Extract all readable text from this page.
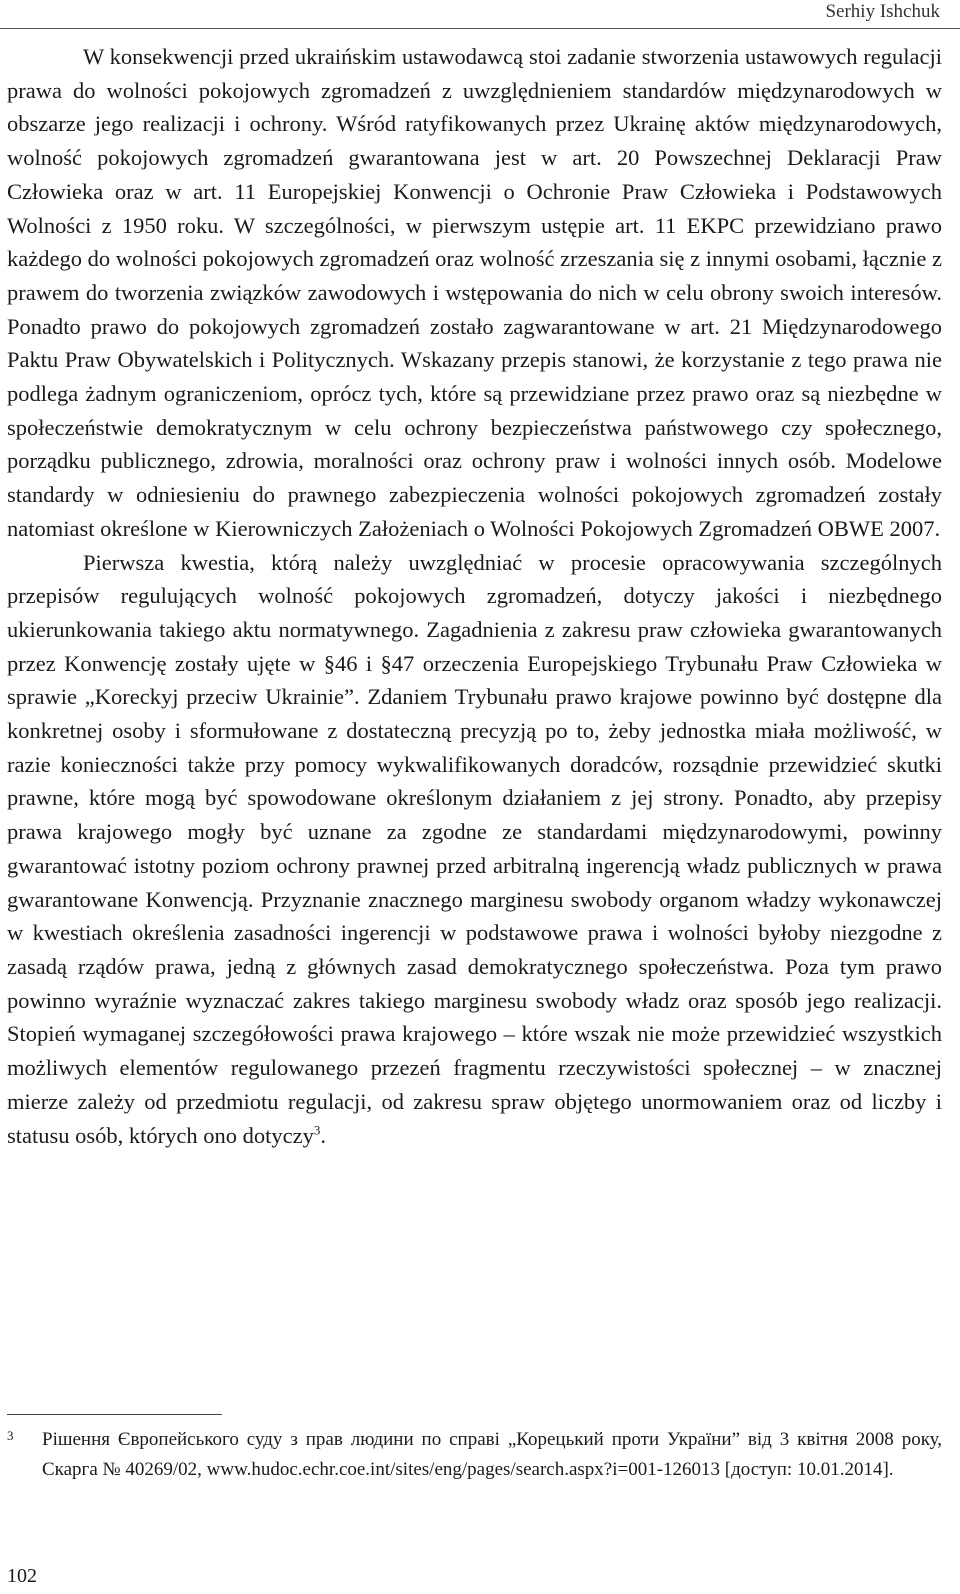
Serhiy Ishchuk

W konsekwencji przed ukraińskim ustawodawcą stoi zadanie stworzenia ustawowych regulacji prawa do wolności pokojowych zgromadzeń z uwzględnieniem standardów międzynarodowych w obszarze jego realizacji i ochrony. Wśród ratyfikowanych przez Ukrainę aktów międzynarodowych, wolność pokojowych zgromadzeń gwarantowana jest w art. 20 Powszechnej Deklaracji Praw Człowieka oraz w art. 11 Europejskiej Konwencji o Ochronie Praw Człowieka i Podstawowych Wolności z 1950 roku. W szczególności, w pierwszym ustępie art. 11 EKPC przewidziano prawo każdego do wolności pokojowych zgromadzeń oraz wolność zrzeszania się z innymi osobami, łącznie z prawem do tworzenia związków zawodowych i wstępowania do nich w celu obrony swoich interesów. Ponadto prawo do pokojowych zgromadzeń zostało zagwarantowane w art. 21 Międzynarodowego Paktu Praw Obywatelskich i Politycznych. Wskazany przepis stanowi, że korzystanie z tego prawa nie podlega żadnym ograniczeniom, oprócz tych, które są przewidziane przez prawo oraz są niezbędne w społeczeństwie demokratycznym w celu ochrony bezpieczeństwa państwowego czy społecznego, porządku publicznego, zdrowia, moralności oraz ochrony praw i wolności innych osób. Modelowe standardy w odniesieniu do prawnego zabezpieczenia wolności pokojowych zgromadzeń zostały natomiast określone w Kierowniczych Założeniach o Wolności Pokojowych Zgromadzeń OBWE 2007.

Pierwsza kwestia, którą należy uwzględniać w procesie opracowywania szczególnych przepisów regulujących wolność pokojowych zgromadzeń, dotyczy jakości i niezbędnego ukierunkowania takiego aktu normatywnego. Zagadnienia z zakresu praw człowieka gwarantowanych przez Konwencję zostały ujęte w §46 i §47 orzeczenia Europejskiego Trybunału Praw Człowieka w sprawie „Koreckyj przeciw Ukrainie”. Zdaniem Trybunału prawo krajowe powinno być dostępne dla konkretnej osoby i sformułowane z dostateczną precyzją po to, żeby jednostka miała możliwość, w razie konieczności także przy pomocy wykwalifikowanych doradców, rozsądnie przewidzieć skutki prawne, które mogą być spowodowane określonym działaniem z jej strony. Ponadto, aby przepisy prawa krajowego mogły być uznane za zgodne ze standardami międzynarodowymi, powinny gwarantować istotny poziom ochrony prawnej przed arbitralną ingerencją władz publicznych w prawa gwarantowane Konwencją. Przyznanie znacznego marginesu swobody organom władzy wykonawczej w kwestiach określenia zasadności ingerencji w podstawowe prawa i wolności byłoby niezgodne z zasadą rządów prawa, jedną z głównych zasad demokratycznego społeczeństwa. Poza tym prawo powinno wyraźnie wyznaczać zakres takiego marginesu swobody władz oraz sposób jego realizacji. Stopień wymaganej szczegółowości prawa krajowego – które wszak nie może przewidzieć wszystkich możliwych elementów regulowanego przezeń fragmentu rzeczywistości społecznej – w znacznej mierze zależy od przedmiotu regulacji, od zakresu spraw objętego unormowaniem oraz od liczby i statusu osób, których ono dotyczy$^3$.

3 Рішення Європейського суду з прав людини по справі „Корецький проти України” від 3 квітня 2008 року, Скарга № 40269/02, www.hudoc.echr.coe.int/sites/eng/pages/search.aspx?i=001-126013 [доступ: 10.01.2014].
102
